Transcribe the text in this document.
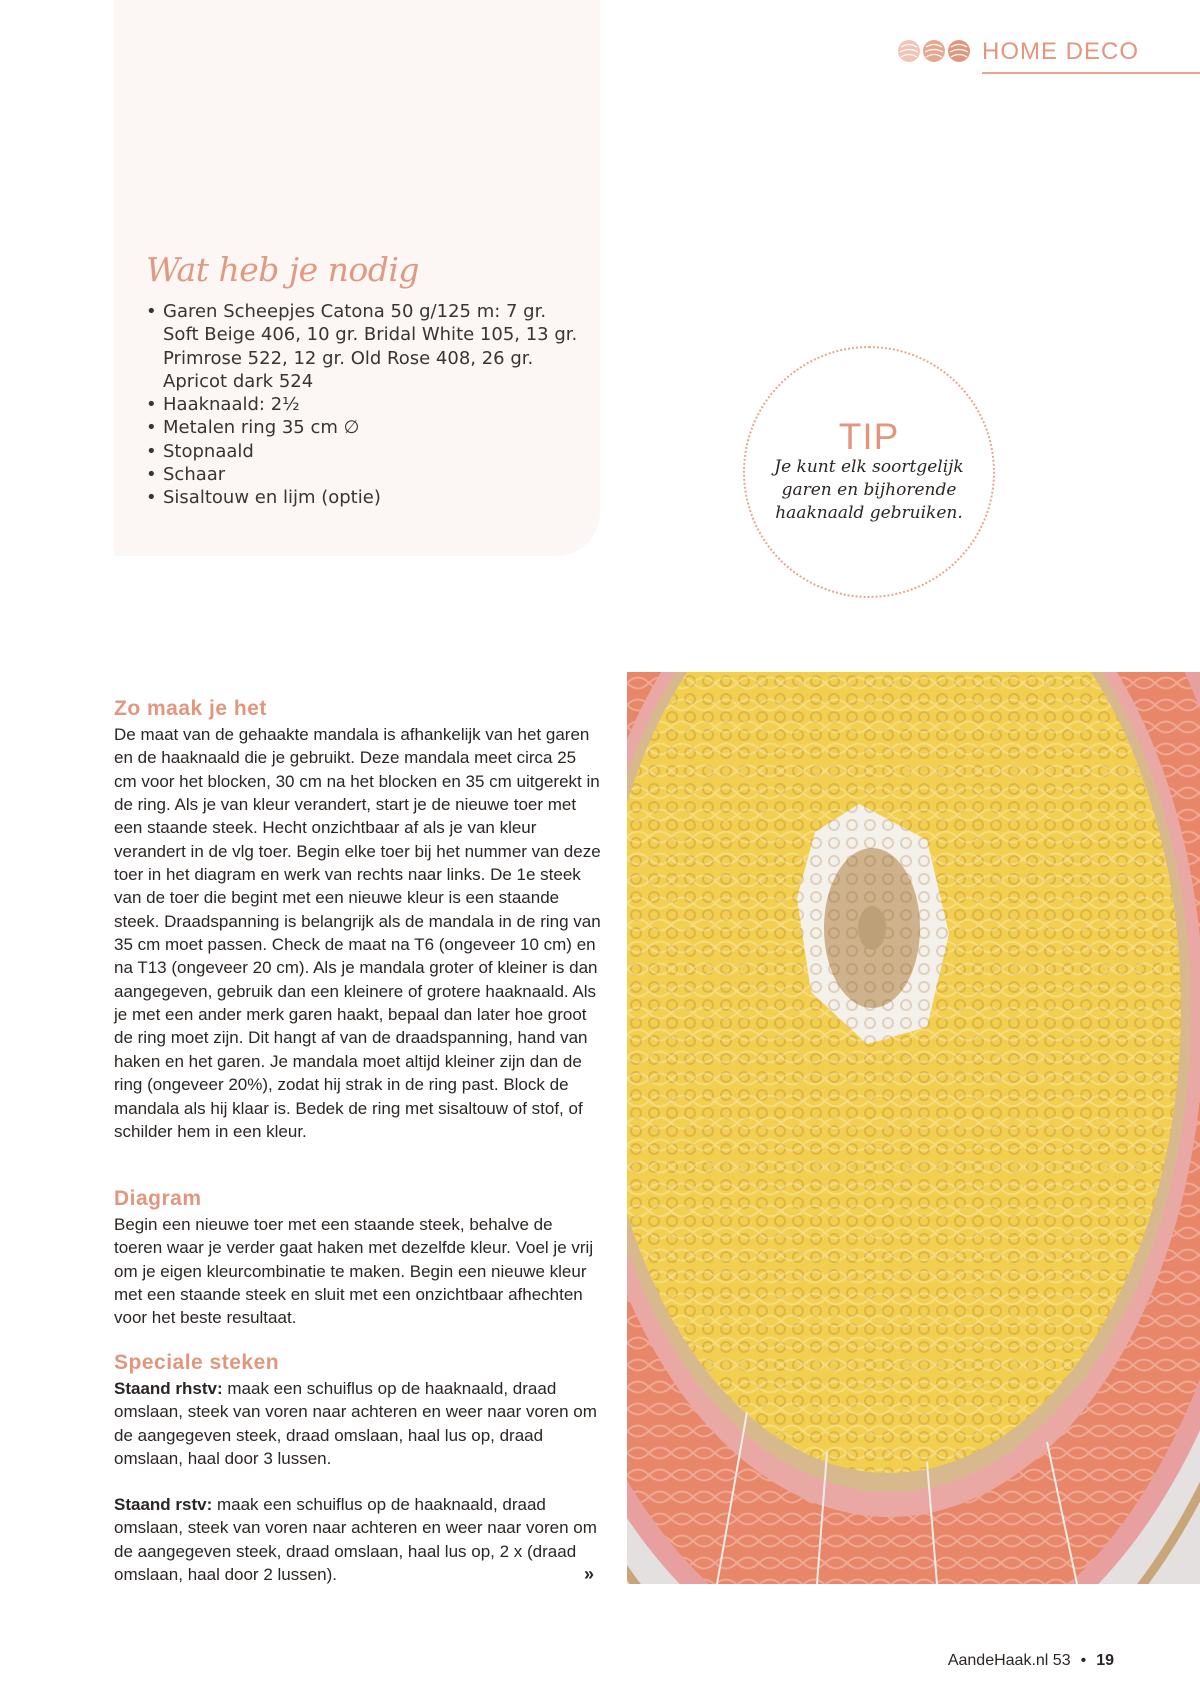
HOME DECO
Wat heb je nodig
• Garen Scheepjes Catona 50 g/125 m: 7 gr. Soft Beige 406, 10 gr. Bridal White 105, 13 gr. Primrose 522, 12 gr. Old Rose 408, 26 gr. Apricot dark 524
• Haaknaald: 2½
• Metalen ring 35 cm ∅
• Stopnaald
• Schaar
• Sisaltouw en lijm (optie)
TIP
Je kunt elk soortgelijk garen en bijhorende haaknaald gebruiken.
Zo maak je het

De maat van de gehaakte mandala is afhankelijk van het garen en de haaknaald die je gebruikt. Deze mandala meet circa 25 cm voor het blocken, 30 cm na het blocken en 35 cm uitgerekt in de ring. Als je van kleur verandert, start je de nieuwe toer met een staande steek. Hecht onzichtbaar af als je van kleur verandert in de vlg toer. Begin elke toer bij het nummer van deze toer in het diagram en werk van rechts naar links. De 1e steek van de toer die begint met een nieuwe kleur is een staande steek. Draadspanning is belangrijk als de mandala in de ring van 35 cm moet passen. Check de maat na T6 (ongeveer 10 cm) en na T13 (ongeveer 20 cm). Als je mandala groter of kleiner is dan aangegeven, gebruik dan een kleinere of grotere haaknaald. Als je met een ander merk garen haakt, bepaal dan later hoe groot de ring moet zijn. Dit hangt af van de draadspanning, hand van haken en het garen. Je mandala moet altijd kleiner zijn dan de ring (ongeveer 20%), zodat hij strak in de ring past. Block de mandala als hij klaar is. Bedek de ring met sisaltouw of stof, of schilder hem in een kleur.

Diagram

Begin een nieuwe toer met een staande steek, behalve de toeren waar je verder gaat haken met dezelfde kleur. Voel je vrij om je eigen kleurcombinatie te maken. Begin een nieuwe kleur met een staande steek en sluit met een onzichtbaar afhechten voor het beste resultaat.

Speciale steken

Staand rhstv: maak een schuiflus op de haaknaald, draad omslaan, steek van voren naar achteren en weer naar voren om de aangegeven steek, draad omslaan, haal lus op, draad omslaan, haal door 3 lussen.

Staand rstv: maak een schuiflus op de haaknaald, draad omslaan, steek van voren naar achteren en weer naar voren om de aangegeven steek, draad omslaan, haal lus op, 2 x (draad omslaan, haal door 2 lussen).	»
AandeHaak.nl 53 • 19
